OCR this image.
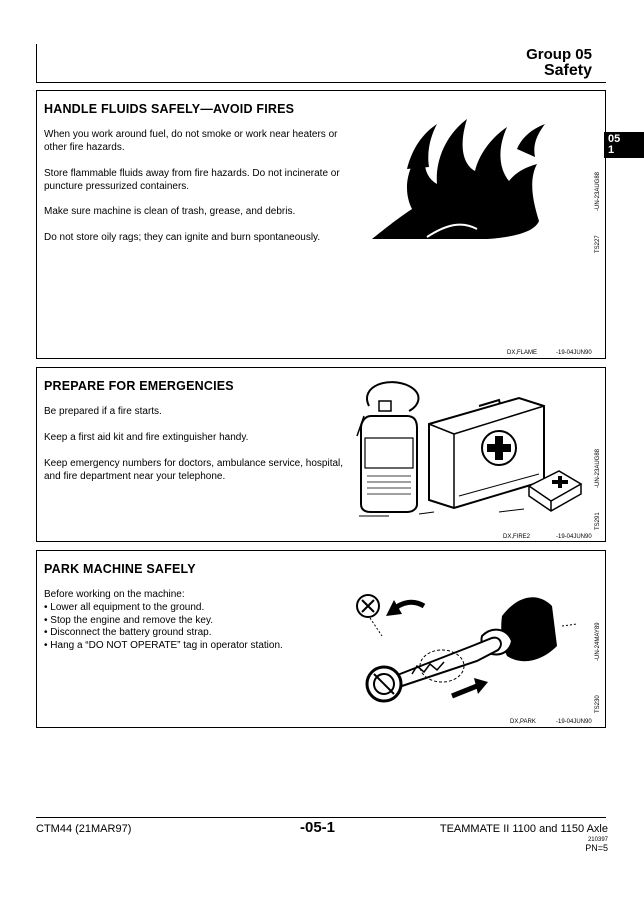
Group 05
Safety
05
1
HANDLE FLUIDS SAFELY—AVOID FIRES
When you work around fuel, do not smoke or work near heaters or other fire hazards.
Store flammable fluids away from fire hazards. Do not incinerate or puncture pressurized containers.
Make sure machine is clean of trash, grease, and debris.
Do not store oily rags; they can ignite and burn spontaneously.
-UN-23AUG88
TS227
DX,FLAME	-19-04JUN90
PREPARE FOR EMERGENCIES
Be prepared if a fire starts.
Keep a first aid kit and fire extinguisher handy.
Keep emergency numbers for doctors, ambulance service, hospital, and fire department near your telephone.	-UN-23AUG88
TS291
DX,FIRE2	-19-04JUN90
PARK MACHINE SAFELY
Before working on the machine:
• Lower all equipment to the ground.
• Stop the engine and remove the key.
• Disconnect the battery ground strap.
• Hang a “DO NOT OPERATE” tag in operator station.	-UN-24MAY89
TS230
DX,PARK	-19-04JUN90
CTM44 (21MAR97)	-05-1	TEAMMATE II 1100 and 1150 Axle
210397
PN=5
